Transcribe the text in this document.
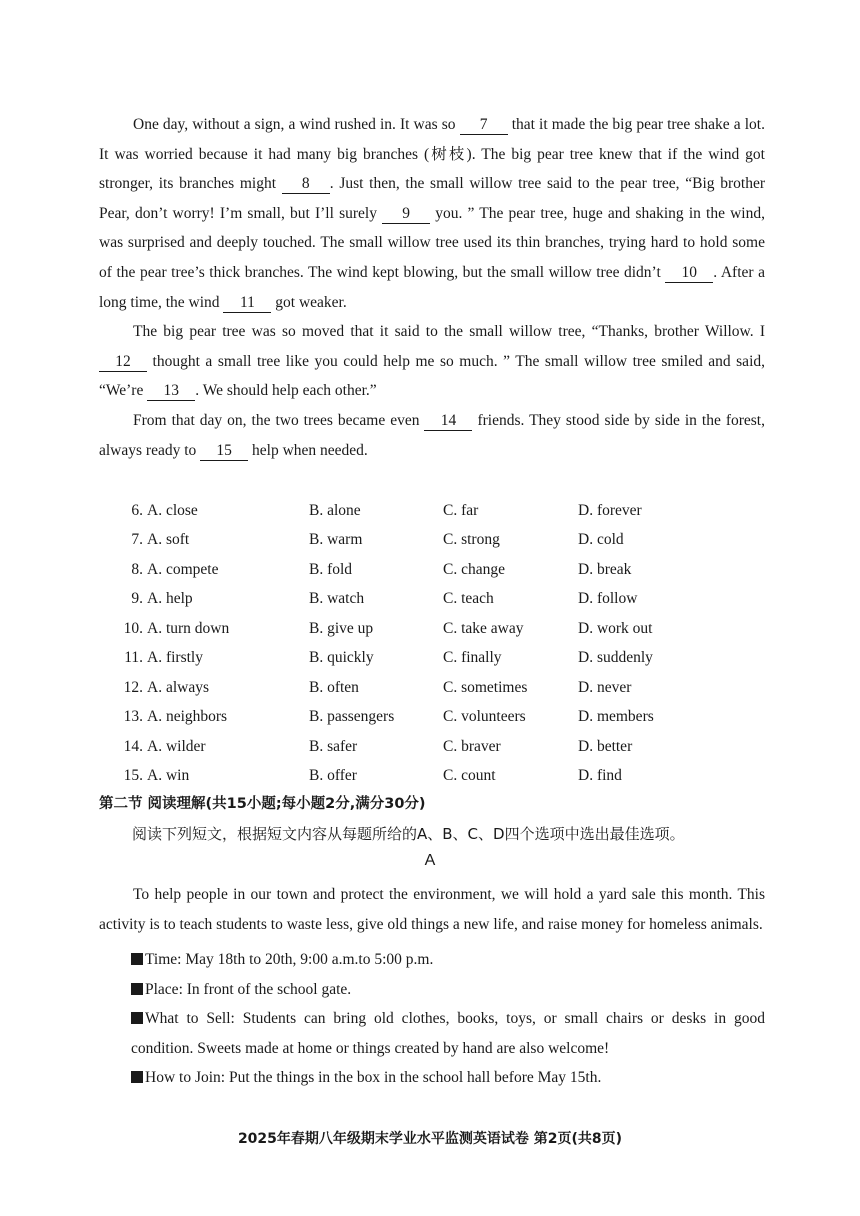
One day, without a sign, a wind rushed in. It was so 7 that it made the big pear tree shake a lot. It was worried because it had many big branches (树枝). The big pear tree knew that if the wind got stronger, its branches might 8 . Just then, the small willow tree said to the pear tree, “Big brother Pear, don’t worry! I’m small, but I’ll surely 9 you. ” The pear tree, huge and shaking in the wind, was surprised and deeply touched. The small willow tree used its thin branches, trying hard to hold some of the pear tree’s thick branches. The wind kept blowing, but the small willow tree didn’t 10 . After a long time, the wind 11 got weaker.

The big pear tree was so moved that it said to the small willow tree, “Thanks, brother Willow. I 12 thought a small tree like you could help me so much. ” The small willow tree smiled and said, “We’re 13 . We should help each other.”

From that day on, the two trees became even 14 friends. They stood side by side in the forest, always ready to 15 help when needed.

6. A. close	B. alone	C. far	D. forever
7. A. soft	B. warm	C. strong	D. cold
8. A. compete	B. fold	C. change	D. break
9. A. help	B. watch	C. teach	D. follow
10. A. turn down	B. give up	C. take away	D. work out
11. A. firstly	B. quickly	C. finally	D. suddenly
12. A. always	B. often	C. sometimes	D. never
13. A. neighbors	B. passengers	C. volunteers	D. members
14. A. wilder	B. safer	C. braver	D. better
15. A. win	B. offer	C. count	D. find
第二节 阅读理解(共15小题;每小题2分,满分30分)
阅读下列短文，根据短文内容从每题所给的A、B、C、D四个选项中选出最佳选项。
A

To help people in our town and protect the environment, we will hold a yard sale this month. This activity is to teach students to waste less, give old things a new life, and raise money for homeless animals.

Time: May 18th to 20th, 9:00 a.m.to 5:00 p.m.

Place: In front of the school gate.

What to Sell: Students can bring old clothes, books, toys, or small chairs or desks in good condition. Sweets made at home or things created by hand are also welcome!

How to Join: Put the things in the box in the school hall before May 15th.

2025年春期八年级期末学业水平监测英语试卷 第2页(共8页)
